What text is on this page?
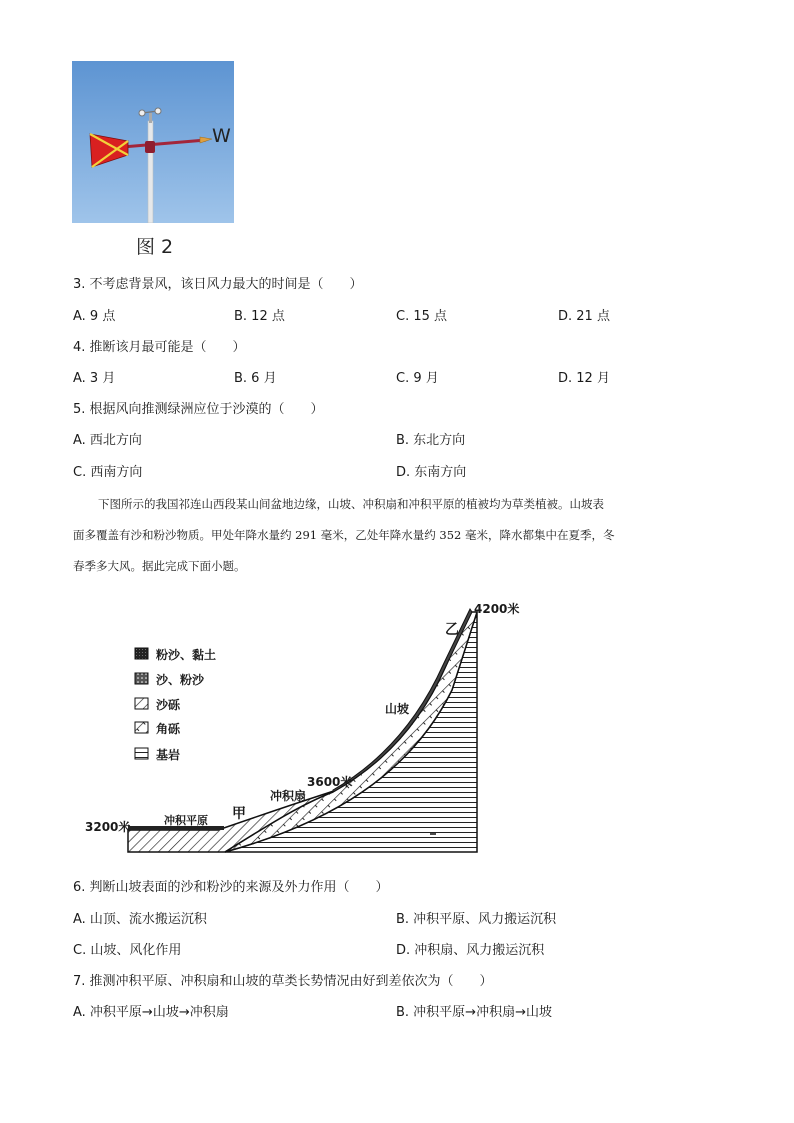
W
图 2
3. 不考虑背景风，该日风力最大的时间是（　　）
A. 9 点	B. 12 点	C. 15 点	D. 21 点
4. 推断该月最可能是（　　）
A. 3 月	B. 6 月	C. 9 月	D. 12 月
5. 根据风向推测绿洲应位于沙漠的（　　）
A. 西北方向	B. 东北方向
C. 西南方向	D. 东南方向
下图所示的我国祁连山西段某山间盆地边缘，山坡、冲积扇和冲积平原的植被均为草类植被。山坡表
面多覆盖有沙和粉沙物质。甲处年降水量约 291 毫米，乙处年降水量约 352 毫米，降水都集中在夏季，冬
春季多大风。据此完成下面小题。
粉沙、黏土
沙、粉沙
沙砾
角砾
基岩
4200米
乙
山坡
3600米
冲积扇
甲
冲积平原
3200米
6. 判断山坡表面的沙和粉沙的来源及外力作用（　　）
A. 山顶、流水搬运沉积	B. 冲积平原、风力搬运沉积
C. 山坡、风化作用	D. 冲积扇、风力搬运沉积
7. 推测冲积平原、冲积扇和山坡的草类长势情况由好到差依次为（　　）
A. 冲积平原→山坡→冲积扇	B. 冲积平原→冲积扇→山坡
